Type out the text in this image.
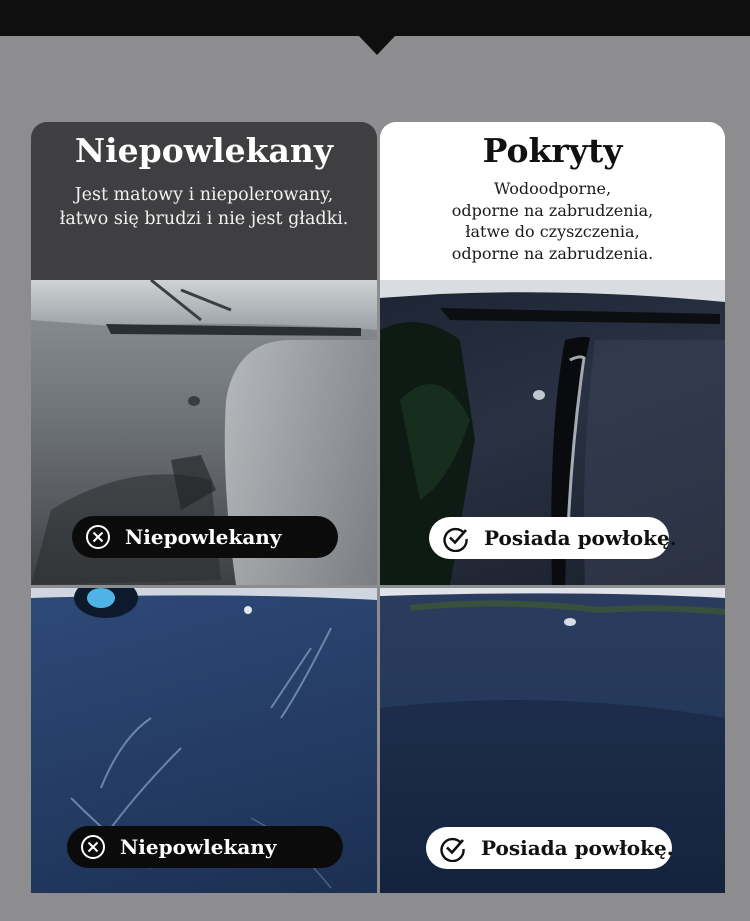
Niepowlekany
Jest matowy i niepolerowany,
łatwo się brudzi i nie jest gładki.
Pokryty
Wodoodporne,
odporne na zabrudzenia,
łatwe do czyszczenia,
odporne na zabrudzenia.
Niepowlekany	Posiada powłokę.
Niepowlekany	Posiada powłokę.
